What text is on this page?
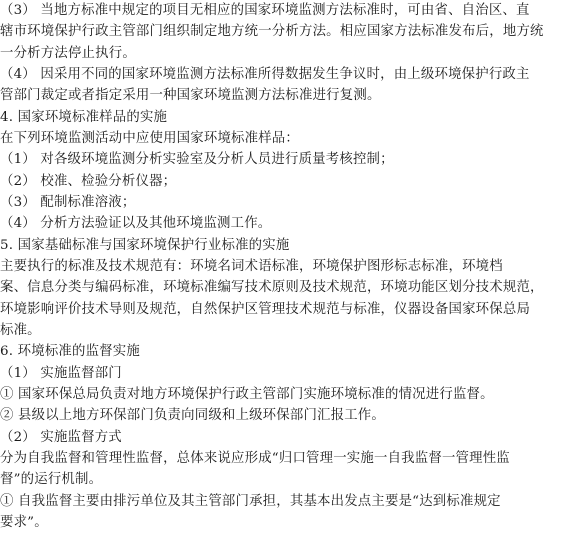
（3） 当地方标准中规定的项目无相应的国家环境监测方法标准时，可由省、自治区、直
辖市环境保护行政主管部门组织制定地方统一分析方法。相应国家方法标准发布后，地方统
一分析方法停止执行。
（4） 因采用不同的国家环境监测方法标准所得数据发生争议时，由上级环境保护行政主
管部门裁定或者指定采用一种国家环境监测方法标准进行复测。
4. 国家环境标准样品的实施
在下列环境监测活动中应使用国家环境标准样品：
（1） 对各级环境监测分析实验室及分析人员进行质量考核控制；
（2） 校准、检验分析仪器；
（3） 配制标准溶液；
（4） 分析方法验证以及其他环境监测工作。
5. 国家基础标准与国家环境保护行业标准的实施
主要执行的标准及技术规范有：环境名词术语标准，环境保护图形标志标准，环境档
案、信息分类与编码标准，环境标准编写技术原则及技术规范，环境功能区划分技术规范，
环境影响评价技术导则及规范，自然保护区管理技术规范与标准，仪器设备国家环保总局
标准。
6. 环境标准的监督实施
（1） 实施监督部门
① 国家环保总局负责对地方环境保护行政主管部门实施环境标准的情况进行监督。
② 县级以上地方环保部门负责向同级和上级环保部门汇报工作。
（2） 实施监督方式
分为自我监督和管理性监督，总体来说应形成“归口管理一实施一自我监督一管理性监
督”的运行机制。
① 自我监督主要由排污单位及其主管部门承担，其基本出发点主要是“达到标准规定
要求”。
